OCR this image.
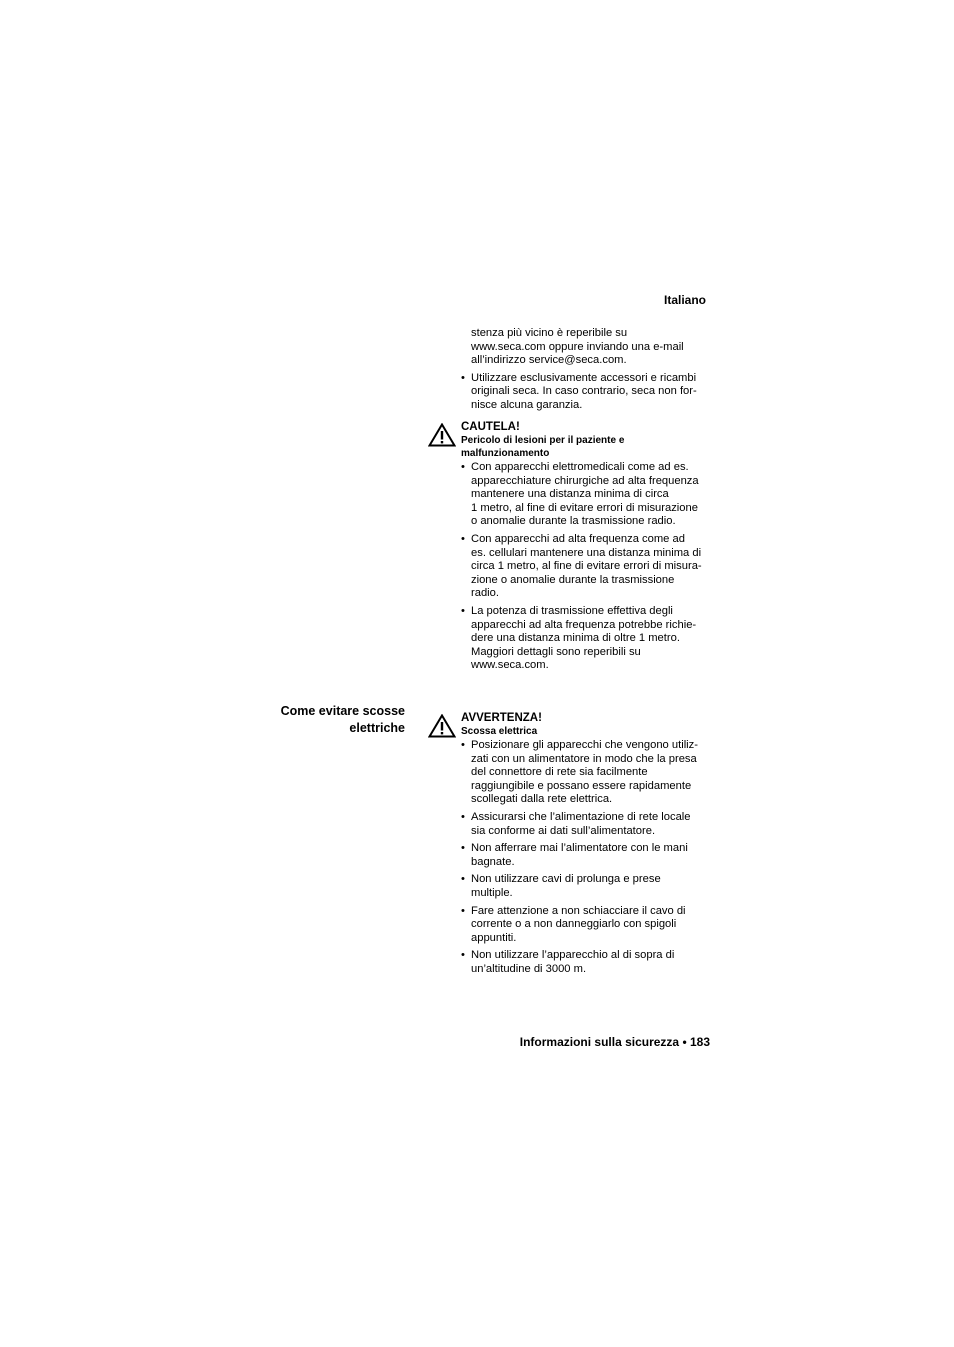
Italiano
stenza più vicino è reperibile su
www.seca.com oppure inviando una e-mail
all’indirizzo service@seca.com.
• Utilizzare esclusivamente accessori e ricambi
originali seca. In caso contrario, seca non for-
nisce alcuna garanzia.
CAUTELA!
Pericolo di lesioni per il paziente e
malfunzionamento
• Con apparecchi elettromedicali come ad es.
apparecchiature chirurgiche ad alta frequenza
mantenere una distanza minima di circa
1 metro, al fine di evitare errori di misurazione
o anomalie durante la trasmissione radio.
• Con apparecchi ad alta frequenza come ad
es. cellulari mantenere una distanza minima di
circa 1 metro, al fine di evitare errori di misura-
zione o anomalie durante la trasmissione
radio.
• La potenza di trasmissione effettiva degli
apparecchi ad alta frequenza potrebbe richie-
dere una distanza minima di oltre 1 metro.
Maggiori dettagli sono reperibili su
www.seca.com.
Come evitare scosse
elettriche
AVVERTENZA!
Scossa elettrica
• Posizionare gli apparecchi che vengono utiliz-
zati con un alimentatore in modo che la presa
del connettore di rete sia facilmente
raggiungibile e possano essere rapidamente
scollegati dalla rete elettrica.
• Assicurarsi che l’alimentazione di rete locale
sia conforme ai dati sull’alimentatore.
• Non afferrare mai l’alimentatore con le mani
bagnate.
• Non utilizzare cavi di prolunga e prese
multiple.
• Fare attenzione a non schiacciare il cavo di
corrente o a non danneggiarlo con spigoli
appuntiti.
• Non utilizzare l’apparecchio al di sopra di
un’altitudine di 3000 m.
Informazioni sulla sicurezza • 183
